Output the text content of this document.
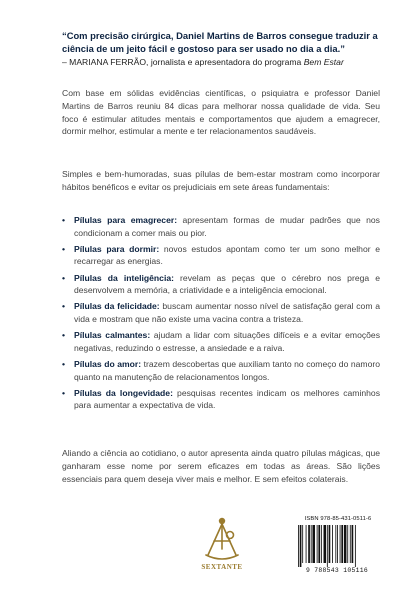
“Com precisão cirúrgica, Daniel Martins de Barros consegue traduzir a ciência de um jeito fácil e gostoso para ser usado no dia a dia.”
– MARIANA FERRÃO, jornalista e apresentadora do programa Bem Estar
Com base em sólidas evidências científicas, o psiquiatra e professor Daniel Martins de Barros reuniu 84 dicas para melhorar nossa qualidade de vida. Seu foco é estimular atitudes mentais e comportamentos que ajudem a emagrecer, dormir melhor, estimular a mente e ter relacionamentos saudáveis.
Simples e bem-humoradas, suas pílulas de bem-estar mostram como incorporar hábitos benéficos e evitar os prejudiciais em sete áreas fundamentais:
• Pílulas para emagrecer: apresentam formas de mudar padrões que nos condicionam a comer mais ou pior.
• Pílulas para dormir: novos estudos apontam como ter um sono melhor e recarregar as energias.
• Pílulas da inteligência: revelam as peças que o cérebro nos prega e desenvolvem a memória, a criatividade e a inteligência emocional.
• Pílulas da felicidade: buscam aumentar nosso nível de satisfação geral com a vida e mostram que não existe uma vacina contra a tristeza.
• Pílulas calmantes: ajudam a lidar com situações difíceis e a evitar emoções negativas, reduzindo o estresse, a ansiedade e a raiva.
• Pílulas do amor: trazem descobertas que auxiliam tanto no começo do namoro quanto na manutenção de relacionamentos longos.
• Pílulas da longevidade: pesquisas recentes indicam os melhores caminhos para aumentar a expectativa de vida.
Aliando a ciência ao cotidiano, o autor apresenta ainda quatro pílulas mágicas, que ganharam esse nome por serem eficazes em todas as áreas. São lições essenciais para quem deseja viver mais e melhor. E sem efeitos colaterais.
SEXTANTE
ISBN 978-85-431-0511-6
9 788543 105116
